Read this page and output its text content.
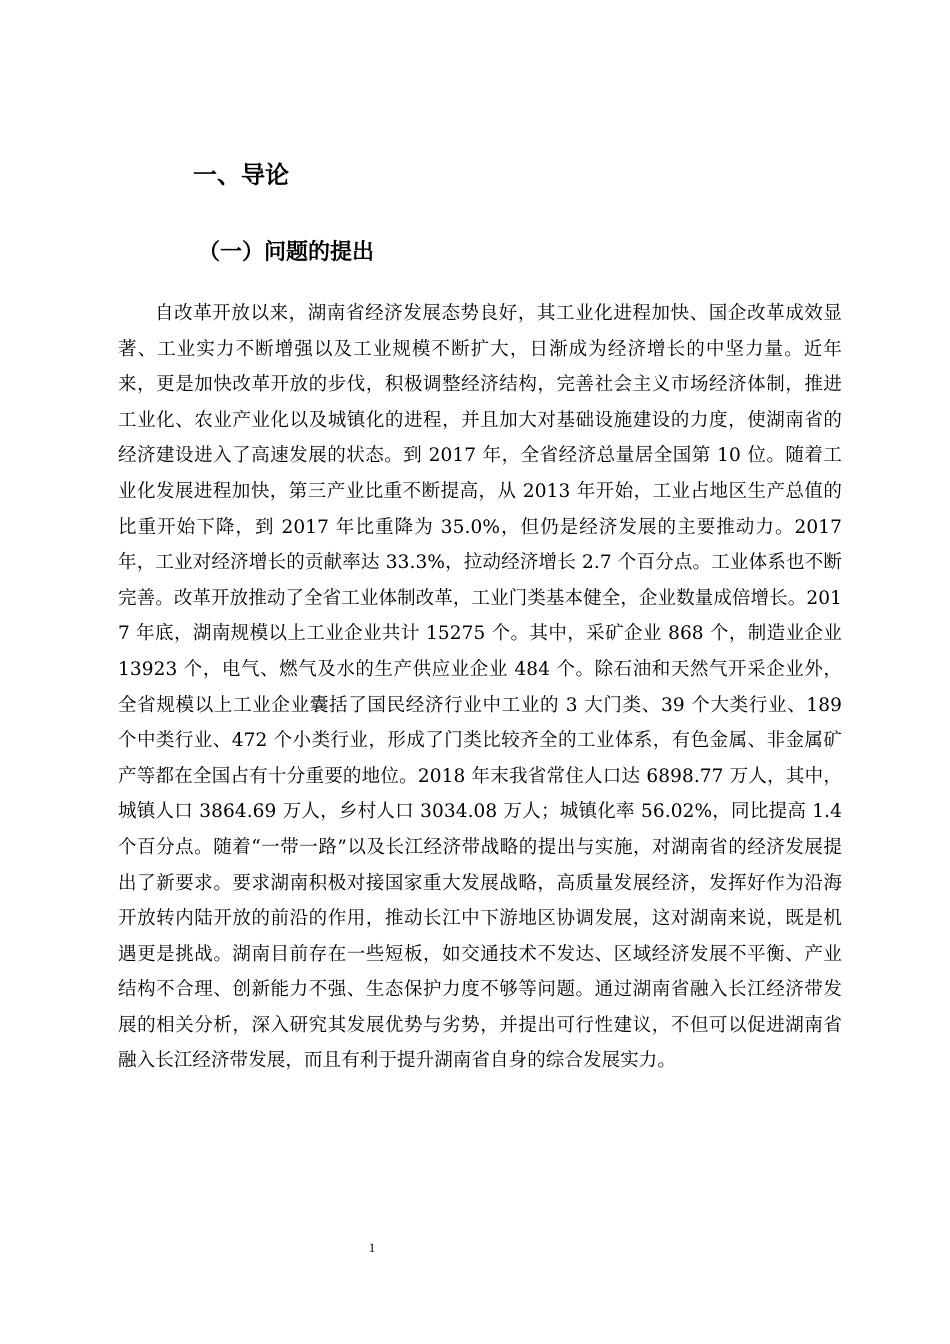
一、导论
（一）问题的提出

自改革开放以来，湖南省经济发展态势良好，其工业化进程加快、国企改革成效显著、工业实力不断增强以及工业规模不断扩大，日渐成为经济增长的中坚力量。近年来，更是加快改革开放的步伐，积极调整经济结构，完善社会主义市场经济体制，推进工业化、农业产业化以及城镇化的进程，并且加大对基础设施建设的力度，使湖南省的经济建设进入了高速发展的状态。到 2017 年，全省经济总量居全国第 10 位。随着工业化发展进程加快，第三产业比重不断提高，从 2013 年开始，工业占地区生产总值的比重开始下降，到 2017 年比重降为 35.0%，但仍是经济发展的主要推动力。2017 年，工业对经济增长的贡献率达 33.3%，拉动经济增长 2.7 个百分点。工业体系也不断完善。改革开放推动了全省工业体制改革，工业门类基本健全，企业数量成倍增长。2017 年底，湖南规模以上工业企业共计 15275 个。其中，采矿企业 868 个，制造业企业 13923 个，电气、燃气及水的生产供应业企业 484 个。除石油和天然气开采企业外，全省规模以上工业企业囊括了国民经济行业中工业的 3 大门类、39 个大类行业、189 个中类行业、472 个小类行业，形成了门类比较齐全的工业体系，有色金属、非金属矿产等都在全国占有十分重要的地位。2018 年末我省常住人口达 6898.77 万人，其中，城镇人口 3864.69 万人，乡村人口 3034.08 万人；城镇化率 56.02%，同比提高 1.4 个百分点。随着“一带一路”以及长江经济带战略的提出与实施，对湖南省的经济发展提出了新要求。要求湖南积极对接国家重大发展战略，高质量发展经济，发挥好作为沿海开放转内陆开放的前沿的作用，推动长江中下游地区协调发展，这对湖南来说，既是机遇更是挑战。湖南目前存在一些短板，如交通技术不发达、区域经济发展不平衡、产业结构不合理、创新能力不强、生态保护力度不够等问题。通过湖南省融入长江经济带发展的相关分析，深入研究其发展优势与劣势，并提出可行性建议，不但可以促进湖南省融入长江经济带发展，而且有利于提升湖南省自身的综合发展实力。

1
